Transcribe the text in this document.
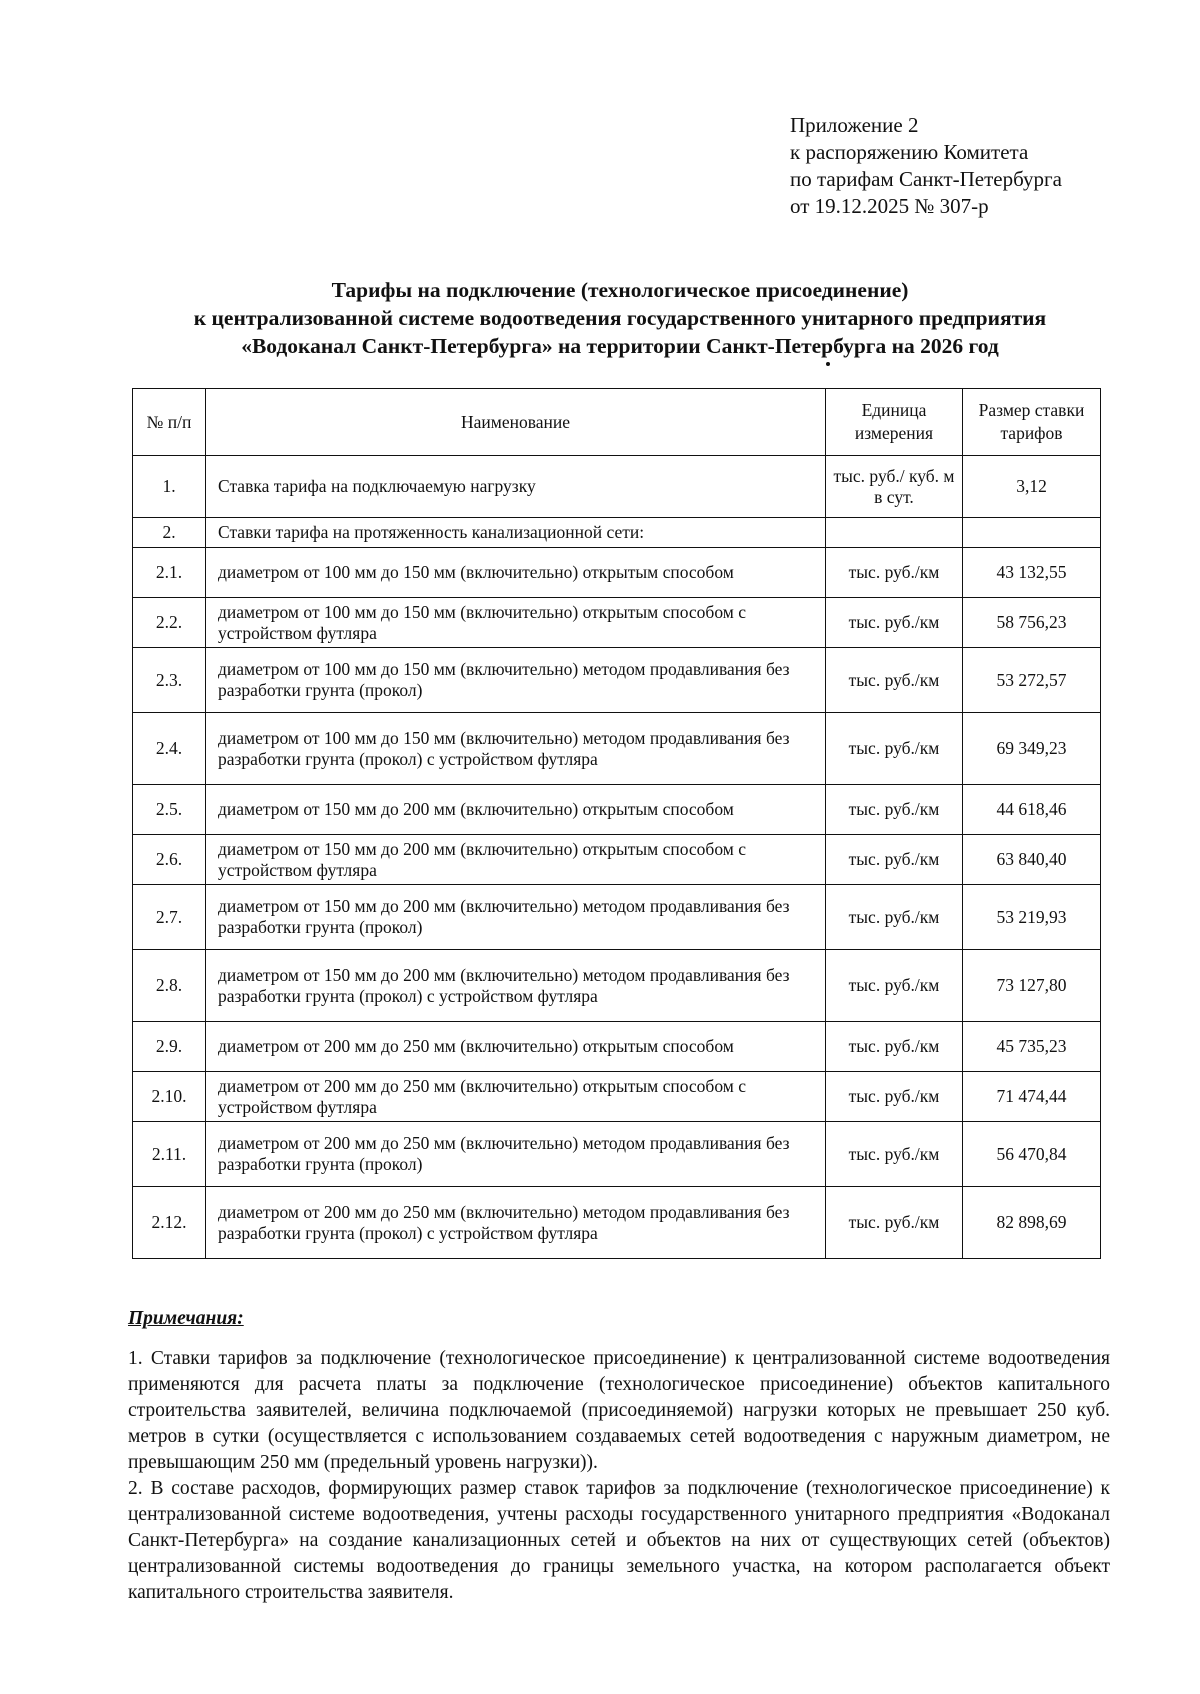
Приложение 2
к распоряжению Комитета
по тарифам Санкт-Петербурга
от 19.12.2025 № 307-р
Тарифы на подключение (технологическое присоединение)
к централизованной системе водоотведения государственного унитарного предприятия
«Водоканал Санкт-Петербурга» на территории Санкт-Петербурга на 2026 год
№ п/п	Наименование	Единица измерения	Размер ставки тарифов
1.	Ставка тарифа на подключаемую нагрузку	тыс. руб./ куб. м в сут.	3,12
2.	Ставки тарифа на протяженность канализационной сети:		
2.1.	диаметром от 100 мм до 150 мм (включительно) открытым способом	тыс. руб./км	43 132,55
2.2.	диаметром от 100 мм до 150 мм (включительно) открытым способом с устройством футляра	тыс. руб./км	58 756,23
2.3.	диаметром от 100 мм до 150 мм (включительно) методом продавливания без разработки грунта (прокол)	тыс. руб./км	53 272,57
2.4.	диаметром от 100 мм до 150 мм (включительно) методом продавливания без разработки грунта (прокол) с устройством футляра	тыс. руб./км	69 349,23
2.5.	диаметром от 150 мм до 200 мм (включительно) открытым способом	тыс. руб./км	44 618,46
2.6.	диаметром от 150 мм до 200 мм (включительно) открытым способом с устройством футляра	тыс. руб./км	63 840,40
2.7.	диаметром от 150 мм до 200 мм (включительно) методом продавливания без разработки грунта (прокол)	тыс. руб./км	53 219,93
2.8.	диаметром от 150 мм до 200 мм (включительно) методом продавливания без разработки грунта (прокол) с устройством футляра	тыс. руб./км	73 127,80
2.9.	диаметром от 200 мм до 250 мм (включительно) открытым способом	тыс. руб./км	45 735,23
2.10.	диаметром от 200 мм до 250 мм (включительно) открытым способом с устройством футляра	тыс. руб./км	71 474,44
2.11.	диаметром от 200 мм до 250 мм (включительно) методом продавливания без разработки грунта (прокол)	тыс. руб./км	56 470,84
2.12.	диаметром от 200 мм до 250 мм (включительно) методом продавливания без разработки грунта (прокол) с устройством футляра	тыс. руб./км	82 898,69
Примечания:

1. Ставки тарифов за подключение (технологическое присоединение) к централизованной системе водоотведения применяются для расчета платы за подключение (технологическое присоединение) объектов капитального строительства заявителей, величина подключаемой (присоединяемой) нагрузки которых не превышает 250 куб. метров в сутки (осуществляется с использованием создаваемых сетей водоотведения с наружным диаметром, не превышающим 250 мм (предельный уровень нагрузки)).

2. В составе расходов, формирующих размер ставок тарифов за подключение (технологическое присоединение) к централизованной системе водоотведения, учтены расходы государственного унитарного предприятия «Водоканал Санкт-Петербурга» на создание канализационных сетей и объектов на них от существующих сетей (объектов) централизованной системы водоотведения до границы земельного участка, на котором располагается объект капитального строительства заявителя.
